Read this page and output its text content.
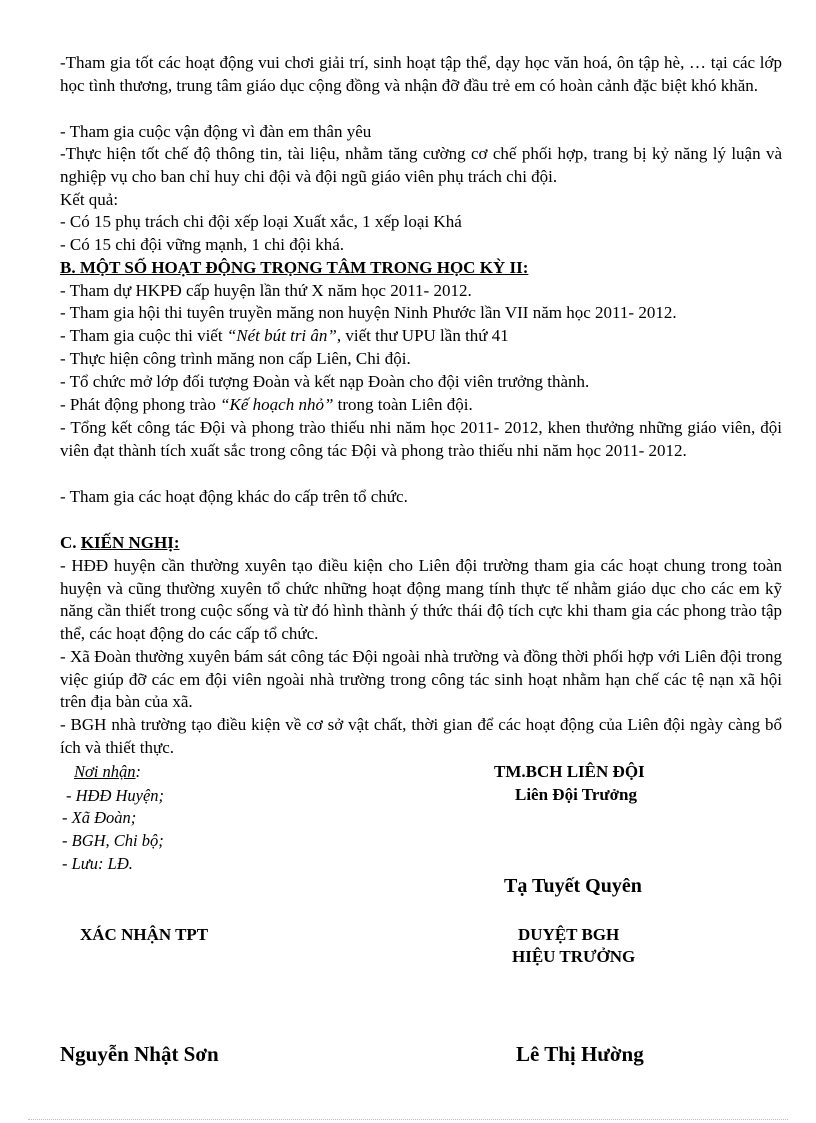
-Tham gia tốt các hoạt động vui chơi giải trí, sinh hoạt tập thể, dạy học văn hoá, ôn tập hè, … tại các lớp học tình thương, trung tâm giáo dục cộng đồng và nhận đỡ đầu trẻ em có hoàn cảnh đặc biệt khó khăn.

- Tham gia cuộc vận động vì đàn em thân yêu

-Thực hiện tốt chế độ thông tin, tài liệu, nhằm tăng cường cơ chế phối hợp, trang bị kỷ năng lý luận và nghiệp vụ cho ban chỉ huy chi đội và đội ngũ giáo viên phụ trách chi đội.

Kết quả:

- Có 15 phụ trách chi đội xếp loại Xuất xắc, 1 xếp loại Khá

- Có 15 chi đội vững mạnh, 1 chi đội khá.

B. MỘT SỐ HOẠT ĐỘNG TRỌNG TÂM TRONG HỌC KỲ II:

- Tham dự HKPĐ cấp huyện lần thứ X năm học 2011- 2012.

- Tham gia hội thi tuyên truyền măng non huyện Ninh Phước lần VII năm học 2011- 2012.

- Tham gia cuộc thi viết “Nét bút tri ân”, viết thư UPU lần thứ 41

- Thực hiện công trình măng non cấp Liên, Chi đội.

- Tổ chức mở lớp đối tượng Đoàn và kết nạp Đoàn cho đội viên trưởng thành.

- Phát động phong trào “Kế hoạch nhỏ” trong toàn Liên đội.

- Tổng kết công tác Đội và phong trào thiếu nhi năm học 2011- 2012, khen thưởng những giáo viên, đội viên đạt thành tích xuất sắc trong công tác Đội và phong trào thiếu nhi năm học 2011- 2012.

- Tham gia các hoạt động khác do cấp trên tổ chức.

C. KIẾN NGHỊ:

- HĐĐ huyện cần thường xuyên tạo điều kiện cho Liên đội trường tham gia các hoạt chung trong toàn huyện và cũng thường xuyên tổ chức những hoạt động mang tính thực tế nhằm giáo dục cho các em kỹ năng cần thiết trong cuộc sống và từ đó hình thành ý thức thái độ tích cực khi tham gia các phong trào tập thể, các hoạt động do các cấp tổ chức.

- Xã Đoàn thường xuyên bám sát công tác Đội ngoài nhà trường và đồng thời phối hợp với Liên đội trong việc giúp đỡ các em đội viên ngoài nhà trường trong công tác sinh hoạt nhằm hạn chế các tệ nạn xã hội trên địa bàn của xã.

- BGH nhà trường tạo điều kiện về cơ sở vật chất, thời gian để các hoạt động của Liên đội ngày càng bổ ích và thiết thực.

Nơi nhận:
- HĐĐ Huyện;
- Xã Đoàn;
- BGH, Chi bộ;
- Lưu: LĐ.
TM.BCH LIÊN ĐỘI
Liên Đội Trưởng
Tạ Tuyết Quyên
XÁC NHẬN TPT	DUYỆT BGH
HIỆU TRƯỞNG
Nguyễn Nhật Sơn	Lê Thị Hường
